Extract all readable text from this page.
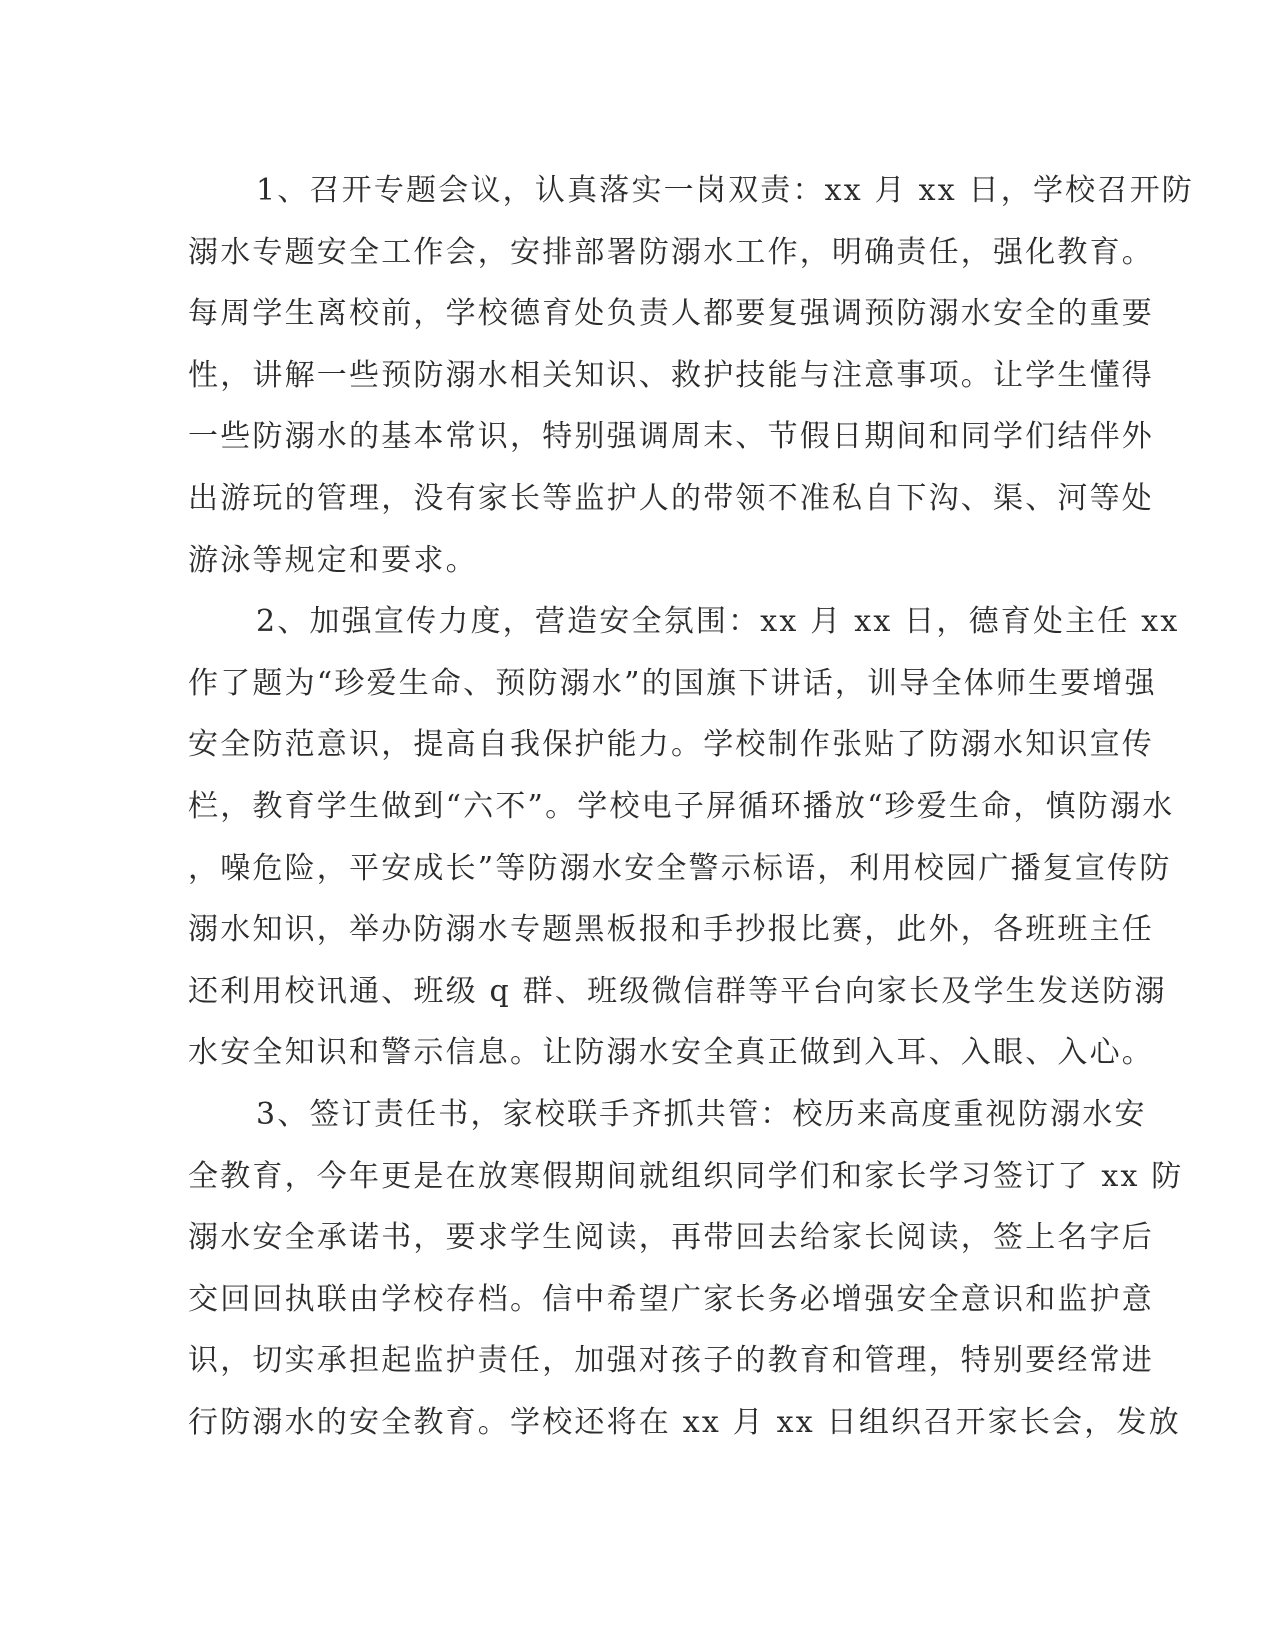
1、召开专题会议，认真落实一岗双责：xx 月 xx 日，学校召开防
溺水专题安全工作会，安排部署防溺水工作，明确责任，强化教育。
每周学生离校前，学校德育处负责人都要复强调预防溺水安全的重要
性，讲解一些预防溺水相关知识、救护技能与注意事项。让学生懂得
一些防溺水的基本常识，特别强调周末、节假日期间和同学们结伴外
出游玩的管理，没有家长等监护人的带领不准私自下沟、渠、河等处
游泳等规定和要求。
2、加强宣传力度，营造安全氛围：xx 月 xx 日，德育处主任 xx
作了题为“珍爱生命、预防溺水”的国旗下讲话，训导全体师生要增强
安全防范意识，提高自我保护能力。学校制作张贴了防溺水知识宣传
栏，教育学生做到“六不”。学校电子屏循环播放“珍爱生命，慎防溺水
，噪危险，平安成长”等防溺水安全警示标语，利用校园广播复宣传防
溺水知识，举办防溺水专题黑板报和手抄报比赛，此外，各班班主任
还利用校讯通、班级 q 群、班级微信群等平台向家长及学生发送防溺
水安全知识和警示信息。让防溺水安全真正做到入耳、入眼、入心。
3、签订责任书，家校联手齐抓共管：校历来高度重视防溺水安
全教育，今年更是在放寒假期间就组织同学们和家长学习签订了 xx 防
溺水安全承诺书，要求学生阅读，再带回去给家长阅读，签上名字后
交回回执联由学校存档。信中希望广家长务必增强安全意识和监护意
识，切实承担起监护责任，加强对孩子的教育和管理，特别要经常进
行防溺水的安全教育。学校还将在 xx 月 xx 日组织召开家长会，发放
